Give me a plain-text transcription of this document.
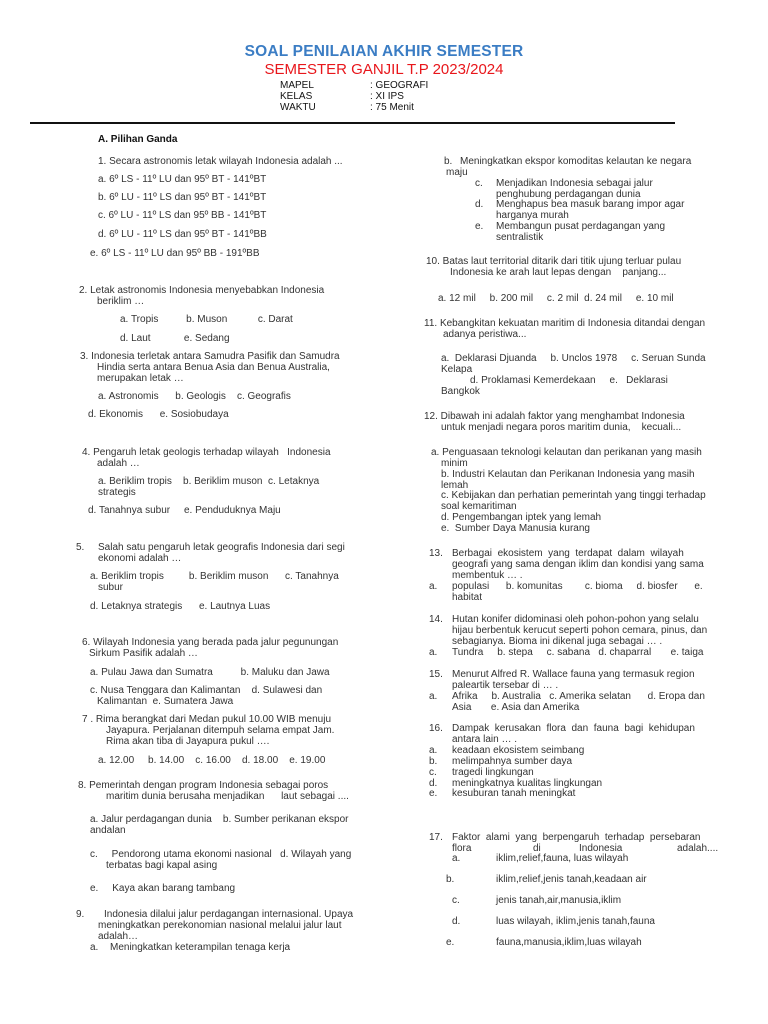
SOAL PENILAIAN AKHIR SEMESTER
SEMESTER GANJIL T.P 2023/2024
MAPEL	: GEOGRAFI
KELAS	: XI IPS
WAKTU	: 75 Menit
A. Pilihan Ganda
1. Secara astronomis letak wilayah Indonesia adalah ...
a. 6º LS - 11º LU dan 95º BT - 141ºBT
b. 6º LU - 11º LS dan 95º BT - 141ºBT
c. 6º LU - 11º LS dan 95º BB - 141ºBT
d. 6º LU - 11º LS dan 95º BT - 141ºBB
e. 6º LS - 11º LU dan 95º BB - 191ºBB
2. Letak astronomis Indonesia menyebabkan Indonesia
beriklim …
a. Tropis          b. Muson           c. Darat
d. Laut            e. Sedang
3. Indonesia terletak antara Samudra Pasifik dan Samudra
Hindia serta antara Benua Asia dan Benua Australia,
merupakan letak …
a. Astronomis      b. Geologis    c. Geografis
d. Ekonomis      e. Sosiobudaya
4. Pengaruh letak geologis terhadap wilayah   Indonesia
adalah …
a. Beriklim tropis    b. Beriklim muson  c. Letaknya
strategis
d. Tanahnya subur     e. Penduduknya Maju
5. Salah satu pengaruh letak geografis Indonesia dari segi
ekonomi adalah …
a. Beriklim tropis         b. Beriklim muson      c. Tanahnya
subur
d. Letaknya strategis      e. Lautnya Luas
6. Wilayah Indonesia yang berada pada jalur pegunungan
Sirkum Pasifik adalah …
a. Pulau Jawa dan Sumatra          b. Maluku dan Jawa
c. Nusa Tenggara dan Kalimantan    d. Sulawesi dan
Kalimantan  e. Sumatera Jawa
7 . Rima berangkat dari Medan pukul 10.00 WIB menuju
Jayapura. Perjalanan ditempuh selama empat Jam.
Rima akan tiba di Jayapura pukul ….
a. 12.00     b. 14.00    c. 16.00    d. 18.00    e. 19.00
8. Pemerintah dengan program Indonesia sebagai poros
maritim dunia berusaha menjadikan      laut sebagai ....
a. Jalur perdagangan dunia    b. Sumber perikanan ekspor
andalan
c.     Pendorong utama ekonomi nasional   d. Wilayah yang
terbatas bagi kapal asing
e.     Kaya akan barang tambang
9. Indonesia dilalui jalur perdagangan internasional. Upaya
meningkatkan perekonomian nasional melalui jalur laut
adalah…
a. Meningkatkan keterampilan tenaga kerja
b. Meningkatkan ekspor komoditas kelautan ke negara
maju
c. Menjadikan Indonesia sebagai jalur
penghubung perdagangan dunia
d. Menghapus bea masuk barang impor agar
harganya murah
e. Membangun pusat perdagangan yang
sentralistik
10. Batas laut territorial ditarik dari titik ujung terluar pulau
Indonesia ke arah laut lepas dengan    panjang...
a. 12 mil     b. 200 mil     c. 2 mil  d. 24 mil     e. 10 mil
11. Kebangkitan kekuatan maritim di Indonesia ditandai dengan
adanya peristiwa...
a.  Deklarasi Djuanda     b. Unclos 1978     c. Seruan Sunda
Kelapa
d. Proklamasi Kemerdekaan     e.   Deklarasi
Bangkok
12. Dibawah ini adalah faktor yang menghambat Indonesia
untuk menjadi negara poros maritim dunia,    kecuali...
a. Penguasaan teknologi kelautan dan perikanan yang masih
minim
b. Industri Kelautan dan Perikanan Indonesia yang masih
lemah
c. Kebijakan dan perhatian pemerintah yang tinggi terhadap
soal kemaritiman
d. Pengembangan iptek yang lemah
e.  Sumber Daya Manusia kurang
13. Berbagai  ekosistem  yang  terdapat  dalam  wilayah
geografi yang sama dengan iklim dan kondisi yang sama
membentuk … .
a. populasi      b. komunitas        c. bioma     d. biosfer      e.
habitat
14. Hutan konifer didominasi oleh pohon-pohon yang selalu
hijau berbentuk kerucut seperti pohon cemara, pinus, dan
sebagianya. Bioma ini dikenal juga sebagai … .
a. Tundra     b. stepa     c. sabana   d. chaparral       e. taiga
15. Menurut Alfred R. Wallace fauna yang termasuk region
paleartik tersebar di … .
a. Afrika     b. Australia   c. Amerika selatan      d. Eropa dan
Asia       e. Asia dan Amerika
16. Dampak  kerusakan  flora  dan  fauna  bagi  kehidupan
antara lain … .
a. keadaan ekosistem seimbang
b. melimpahnya sumber daya
c. tragedi lingkungan
d. meningkatnya kualitas lingkungan
e. kesuburan tanah meningkat
17. Faktor  alami  yang  berpengaruh  terhadap  persebaran
flora	di	Indonesia	adalah....
a.	iklim,relief,fauna, luas wilayah
b.	iklim,relief,jenis tanah,keadaan air
c.	jenis tanah,air,manusia,iklim
d.	luas wilayah, iklim,jenis tanah,fauna
e.	fauna,manusia,iklim,luas wilayah
